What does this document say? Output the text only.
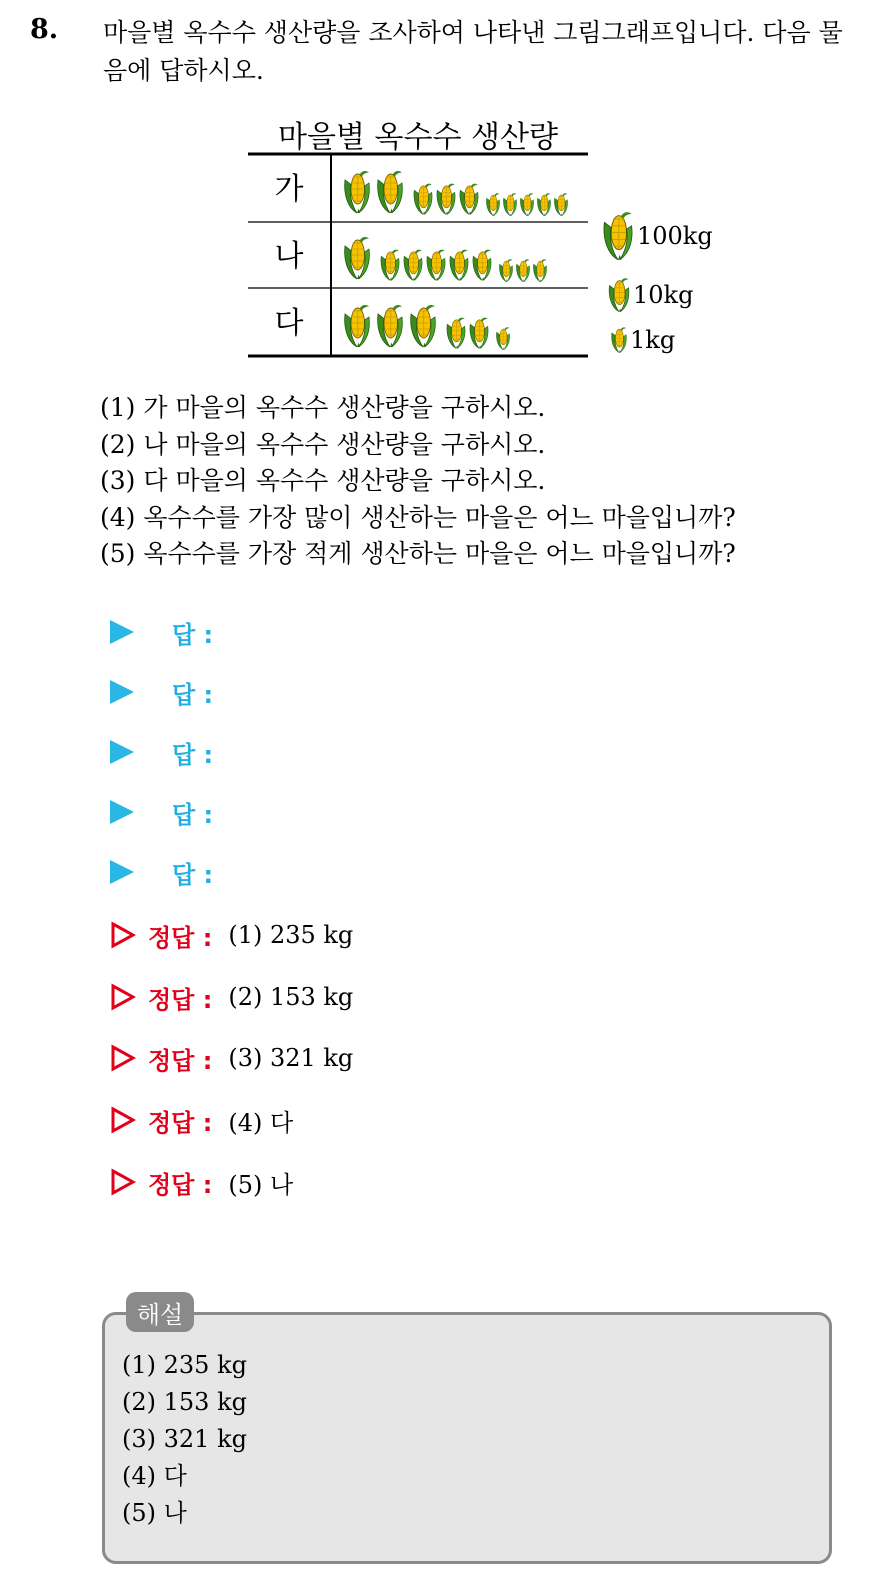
8. 마을별 옥수수 생산량을 조사하여 나타낸 그림그래프입니다. 다음 물음에 답하시오.
마을별 옥수수 생산량
가
나
다
100kg
10kg
1kg
(1) 가 마을의 옥수수 생산량을 구하시오.
(2) 나 마을의 옥수수 생산량을 구하시오.
(3) 다 마을의 옥수수 생산량을 구하시오.
(4) 옥수수를 가장 많이 생산하는 마을은 어느 마을입니까?
(5) 옥수수를 가장 적게 생산하는 마을은 어느 마을입니까?
답 :
답 :
답 :
답 :
답 :
정답 : (1) 235 kg
정답 : (2) 153 kg
정답 : (3) 321 kg
정답 : (4) 다
정답 : (5) 나
해설
(1) 235 kg
(2) 153 kg
(3) 321 kg
(4) 다
(5) 나
